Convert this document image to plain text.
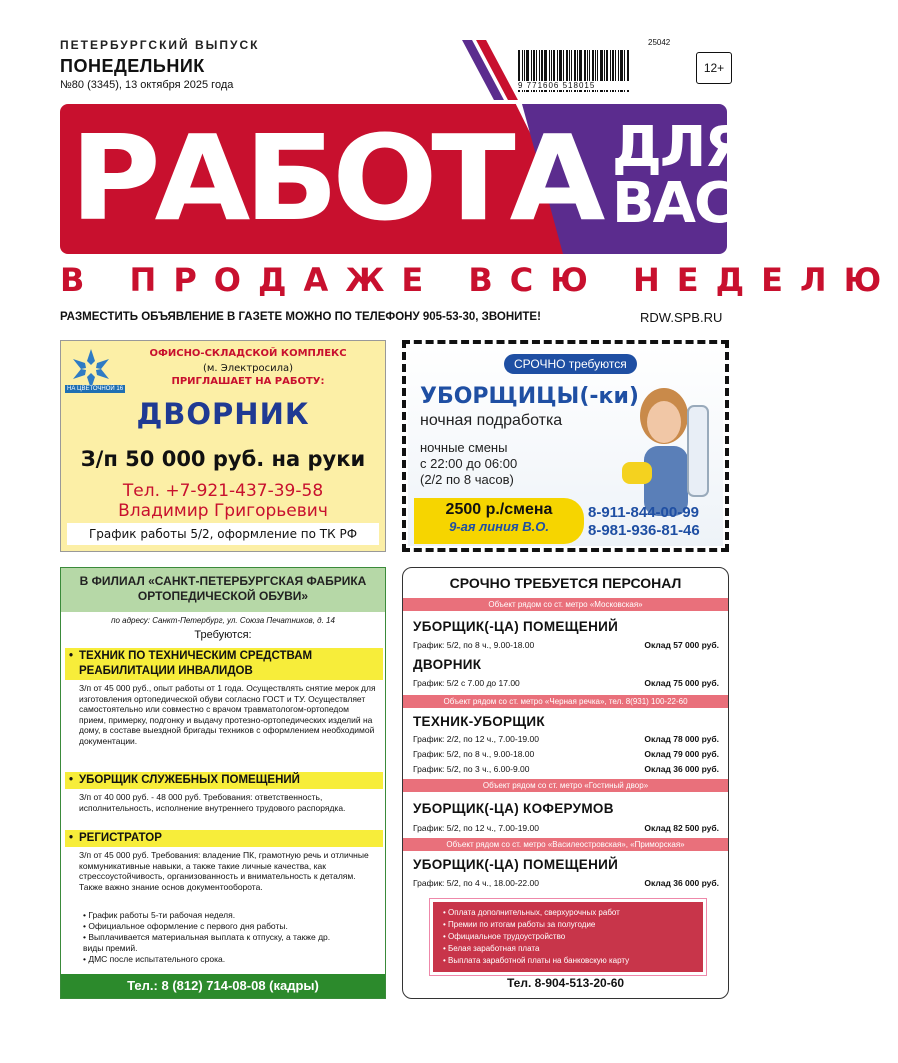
ПЕТЕРБУРГСКИЙ ВЫПУСК
ПОНЕДЕЛЬНИК
№80 (3345), 13 октября 2025 года	9 771606 518015
25042
12+
РАБОТА ДЛЯ
ВАС
В ПРОДАЖЕ ВСЮ НЕДЕЛЮ
РАЗМЕСТИТЬ ОБЪЯВЛЕНИЕ В ГАЗЕТЕ МОЖНО ПО ТЕЛЕФОНУ 905-53-30, ЗВОНИТЕ!	RDW.SPB.RU
НА ЦВЕТОЧНОЙ 16
ОФИСНО-СКЛАДСКОЙ КОМПЛЕКС
(м. Электросила)
ПРИГЛАШАЕТ НА РАБОТУ:
ДВОРНИК
З/п 50 000 руб. на руки
Тел. +7-921-437-39-58
Владимир Григорьевич
График работы 5/2, оформление по ТК РФ
СРОЧНО требуются
УБОРЩИЦЫ(-ки)
ночная подработка
ночные смены
с 22:00 до 06:00
(2/2 по 8 часов)
2500 р./смена
9-ая линия В.О.
8-911-844-00-99
8-981-936-81-46
В ФИЛИАЛ «САНКТ-ПЕТЕРБУРГСКАЯ ФАБРИКА ОРТОПЕДИЧЕСКОЙ ОБУВИ»
по адресу: Санкт-Петербург, ул. Союза Печатников, д. 14
Требуются:
• ТЕХНИК ПО ТЕХНИЧЕСКИМ СРЕДСТВАМ РЕАБИЛИТАЦИИ ИНВАЛИДОВ
З/п от 45 000 руб., опыт работы от 1 года. Осуществлять снятие мерок для изготовления ортопедической обуви согласно ГОСТ и ТУ. Осуществляет самостоятельно или совместно с врачом травматологом-ортопедом прием, примерку, подгонку и выдачу протезно-ортопедических изделий на дому, в составе выездной бригады техников с оформлением необходимой документации.
• УБОРЩИК СЛУЖЕБНЫХ ПОМЕЩЕНИЙ
З/п от 40 000 руб. - 48 000 руб. Требования: ответственность, исполнительность, исполнение внутреннего трудового распорядка.
• РЕГИСТРАТОР
З/п от 45 000 руб. Требования: владение ПК, грамотную речь и отличные коммуникативные навыки, а также такие личные качества, как стрессоустойчивость, организованность и внимательность к деталям. Также важно знание основ документооборота.
• График работы 5-ти рабочая неделя.
• Официальное оформление с первого дня работы.
• Выплачивается материальная выплата к отпуску, а также др. виды премий.
• ДМС после испытательного срока.
Тел.: 8 (812) 714-08-08 (кадры)
СРОЧНО ТРЕБУЕТСЯ ПЕРСОНАЛ
Объект рядом со ст. метро «Московская»
УБОРЩИК(-ЦА) ПОМЕЩЕНИЙ
График: 5/2, по 8 ч., 9.00-18.00	Оклад 57 000 руб.
ДВОРНИК
График: 5/2 с 7.00 до 17.00	Оклад 75 000 руб.
Объект рядом со ст. метро «Черная речка», тел. 8(931) 100-22-60
ТЕХНИК-УБОРЩИК
График: 2/2, по 12 ч., 7.00-19.00	Оклад 78 000 руб.
График: 5/2, по 8 ч., 9.00-18.00	Оклад 79 000 руб.
График: 5/2, по 3 ч., 6.00-9.00	Оклад 36 000 руб.
Объект рядом со ст. метро «Гостиный двор»
УБОРЩИК(-ЦА) КОФЕРУМОВ
График: 5/2, по 12 ч., 7.00-19.00	Оклад 82 500 руб.
Объект рядом со ст. метро «Василеостровская», «Приморская»
УБОРЩИК(-ЦА) ПОМЕЩЕНИЙ
График: 5/2, по 4 ч., 18.00-22.00	Оклад 36 000 руб.
• Оплата дополнительных, сверхурочных работ
• Премии по итогам работы за полугодие
• Официальное трудоустройство
• Белая заработная плата
• Выплата заработной платы на банковскую карту
Тел. 8-904-513-20-60
